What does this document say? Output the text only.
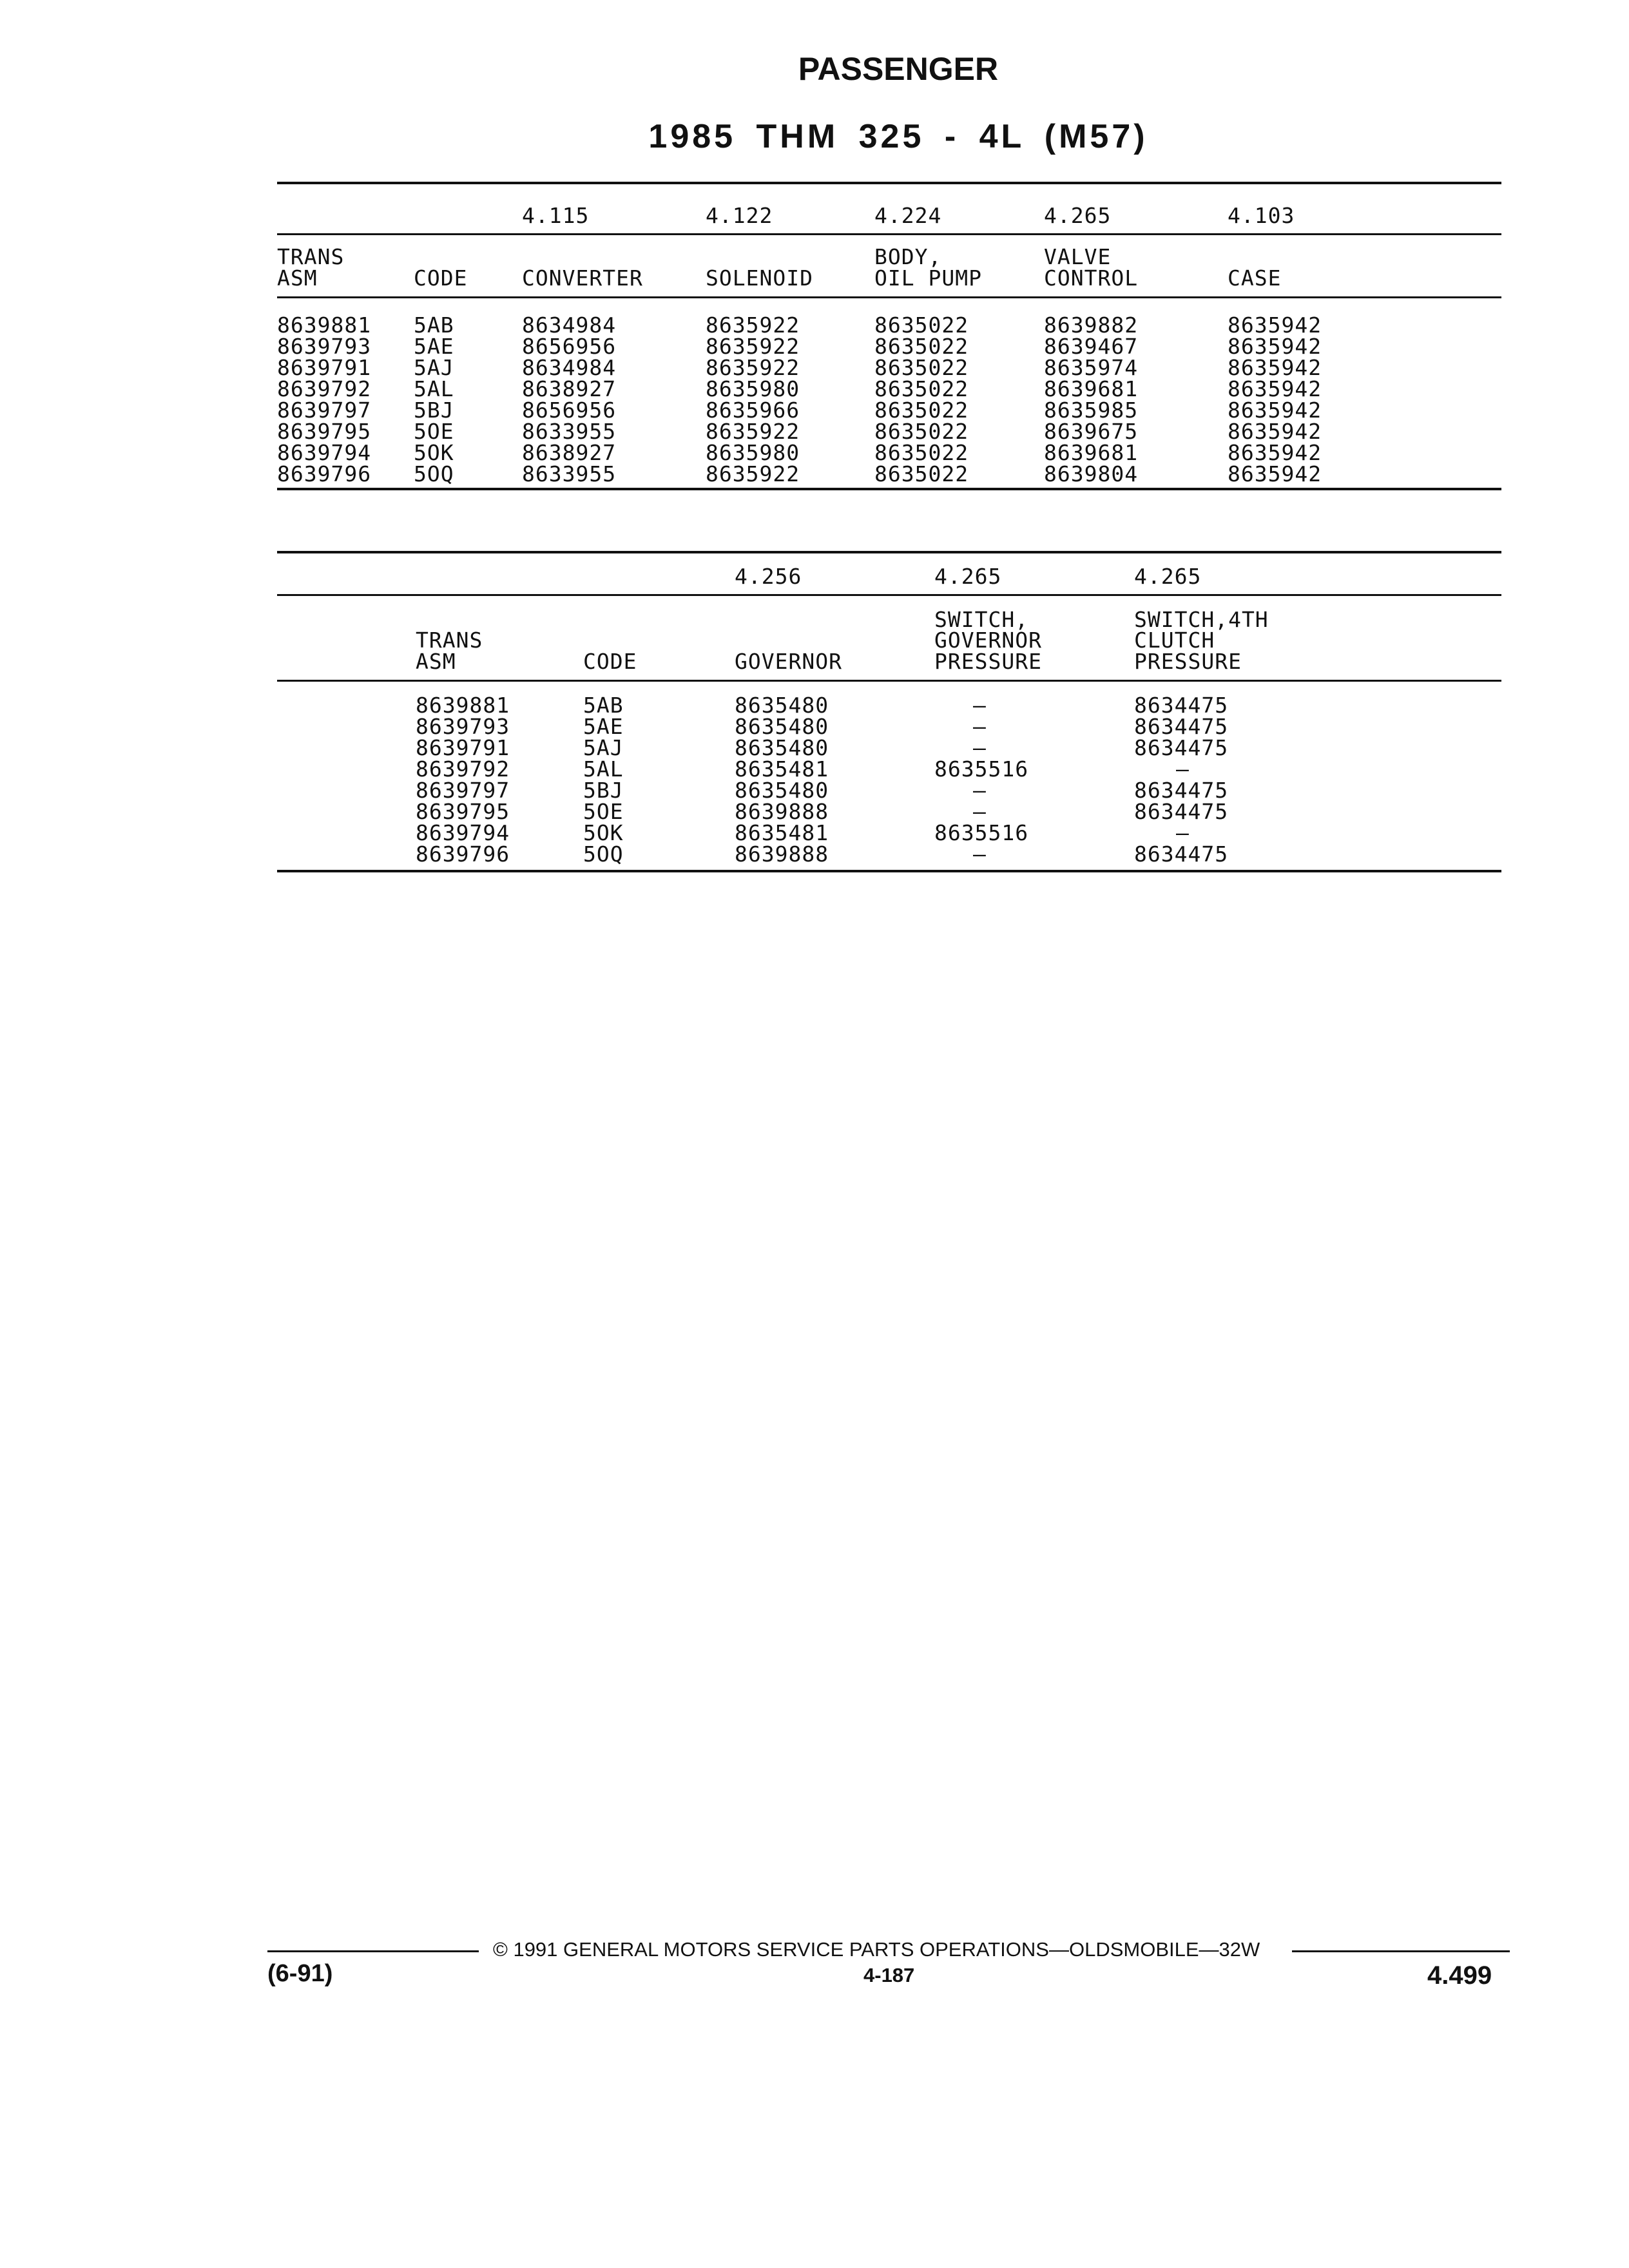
PASSENGER
1985 THM 325 - 4L (M57)
4.115	4.122	4.224	4.265	4.103
TRANS	BODY,	VALVE
ASM	CODE	CONVERTER	SOLENOID	OIL PUMP	CONTROL	CASE
8639881 5AB	8634984	8635922	8635022	8639882	8635942
8639793 5AE	8656956	8635922	8635022	8639467	8635942
8639791 5AJ	8634984	8635922	8635022	8635974	8635942
8639792 5AL	8638927	8635980	8635022	8639681	8635942
8639797 5BJ	8656956	8635966	8635022	8635985	8635942
8639795 5OE	8633955	8635922	8635022	8639675	8635942
8639794 5OK	8638927	8635980	8635022	8639681	8635942
8639796 5OQ	8633955	8635922	8635022	8639804	8635942
4.256	4.265	4.265
SWITCH,	SWITCH,4TH
TRANS	GOVERNOR	CLUTCH
ASM	CODE	GOVERNOR	PRESSURE	PRESSURE
8639881	5AB	8635480	–	8634475
8639793	5AE	8635480	–	8634475
8639791	5AJ	8635480	–	8634475
8639792	5AL	8635481	8635516	–
8639797	5BJ	8635480	–	8634475
8639795	5OE	8639888	–	8634475
8639794	5OK	8635481	8635516	–
8639796	5OQ	8639888	–	8634475
© 1991 GENERAL MOTORS SERVICE PARTS OPERATIONS—OLDSMOBILE—32W
(6-91)	4-187	4.499
